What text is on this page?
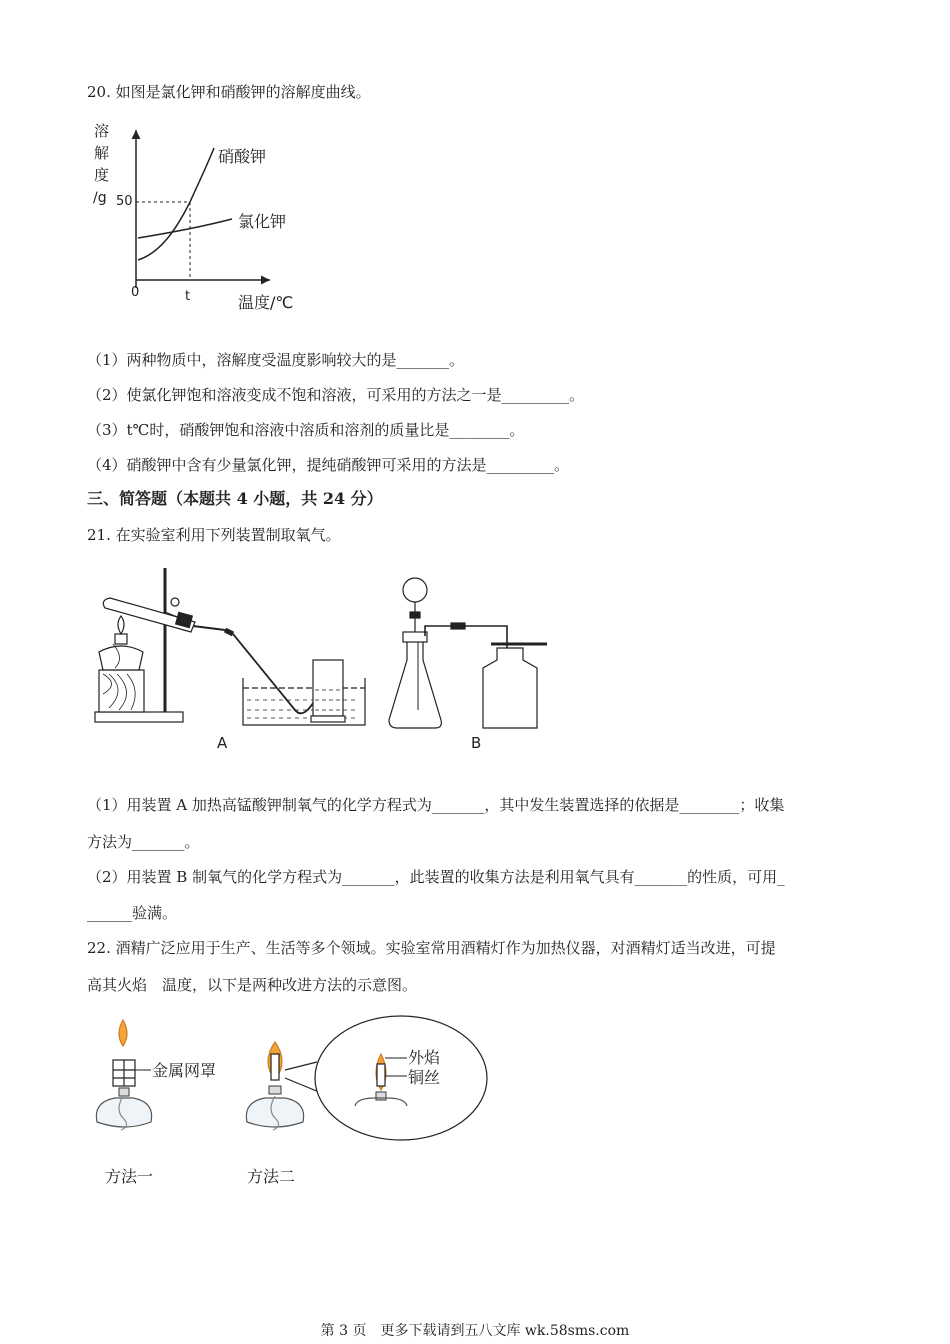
20. 如图是氯化钾和硝酸钾的溶解度曲线。
溶
解
度
/g 50
0	t	温度/℃
硝酸钾
氯化钾
（1）两种物质中，溶解度受温度影响较大的是_______。
（2）使氯化钾饱和溶液变成不饱和溶液，可采用的方法之一是_________。
（3）t℃时，硝酸钾饱和溶液中溶质和溶剂的质量比是________。
（4）硝酸钾中含有少量氯化钾，提纯硝酸钾可采用的方法是_________。
三、简答题（本题共 4 小题，共 24 分）
21. 在实验室利用下列装置制取氧气。
A	B
（1）用装置 A 加热高锰酸钾制氧气的化学方程式为_______，其中发生装置选择的依据是________；收集
方法为_______。
（2）用装置 B 制氧气的化学方程式为_______，此装置的收集方法是利用氧气具有_______的性质，可用_
______验满。
22. 酒精广泛应用于生产、生活等多个领域。实验室常用酒精灯作为加热仪器，对酒精灯适当改进，可提
高其火焰　温度，以下是两种改进方法的示意图。
金属网罩
方法一	方法二
外焰
铜丝
第 3 页　更多下载请到五八文库 wk.58sms.com
